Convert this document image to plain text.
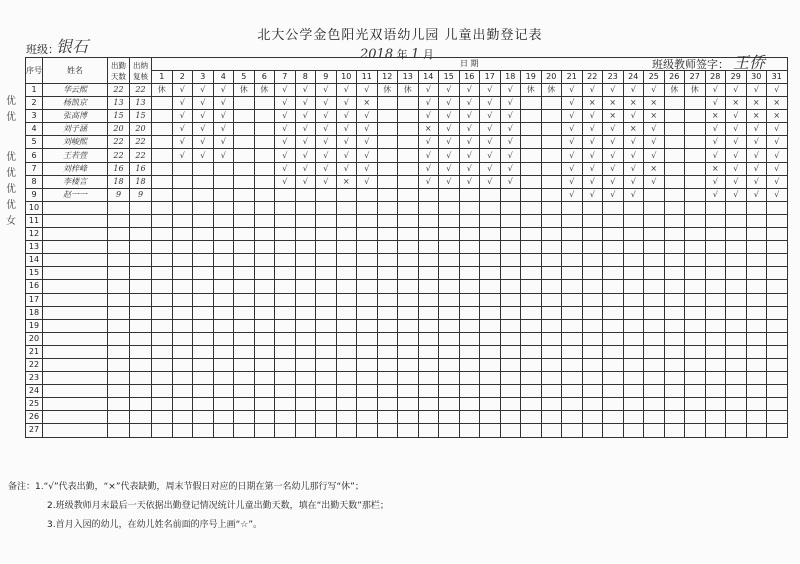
北大公学金色阳光双语幼儿园 儿童出勤登记表
班级：
银石	2018 年 1 月
班级教师签字： 王侨
序号	姓名	出勤天数	出纳复核	日 期																														
				1	2	3	4	5	6	7	8	9	10	11	12	13	14	15	16	17	18	19	20	21	22	23	24	25	26	27	28	29	30	31
1	华云熙	22	22	休	√	√	√	休	休	√	√	√	√	√	休	休	√	√	√	√	√	休	休	√	√	√	√	√	休	休	√	√	√	√
2	杨凯京	13	13		√	√	√			√	√	√	√	×			√	√	√	√	√			√	×	×	×	×			√	×	×	×
3	张高博	15	15		√	√	√			√	√	√	√	√			√	√	√	√	√			√	√	×	√	×			×	√	×	×
4	刘子涵	20	20		√	√	√			√	√	√	√	√			×	√	√	√	√			√	√	√	×	√			√	√	√	√
5	刘峻熙	22	22		√	√	√			√	√	√	√	√			√	√	√	√	√			√	√	√	√	√			√	√	√	√
6	王若萱	22	22		√	√	√			√	√	√	√	√			√	√	√	√	√			√	√	√	√	√			√	√	√	√
7	刘梓峰	16	16							√	√	√	√	√			√	√	√	√	√			√	√	√	√	×			×	√	√	√
8	李楼言	18	18							√	√	√	×	√			√	√	√	√	√			√	√	√	√	√			√	√	√	√
9	赵一一	9	9																					√	√	√	√				√	√	√	√
10																																		
11																																		
12																																		
13																																		
14																																		
15																																		
16																																		
17																																		
18																																		
19																																		
20																																		
21																																		
22																																		
23																																		
24																																		
25																																		
26																																		
27																																		
备注：1.“√”代表出勤，“×”代表缺勤，周末节假日对应的日期在第一名幼儿那行写“休”；
2.班级教师月末最后一天依据出勤登记情况统计儿童出勤天数，填在“出勤天数”那栏；
3.首月入园的幼儿，在幼儿姓名前面的序号上画“☆”。
优
优
优
优
优
优
女
